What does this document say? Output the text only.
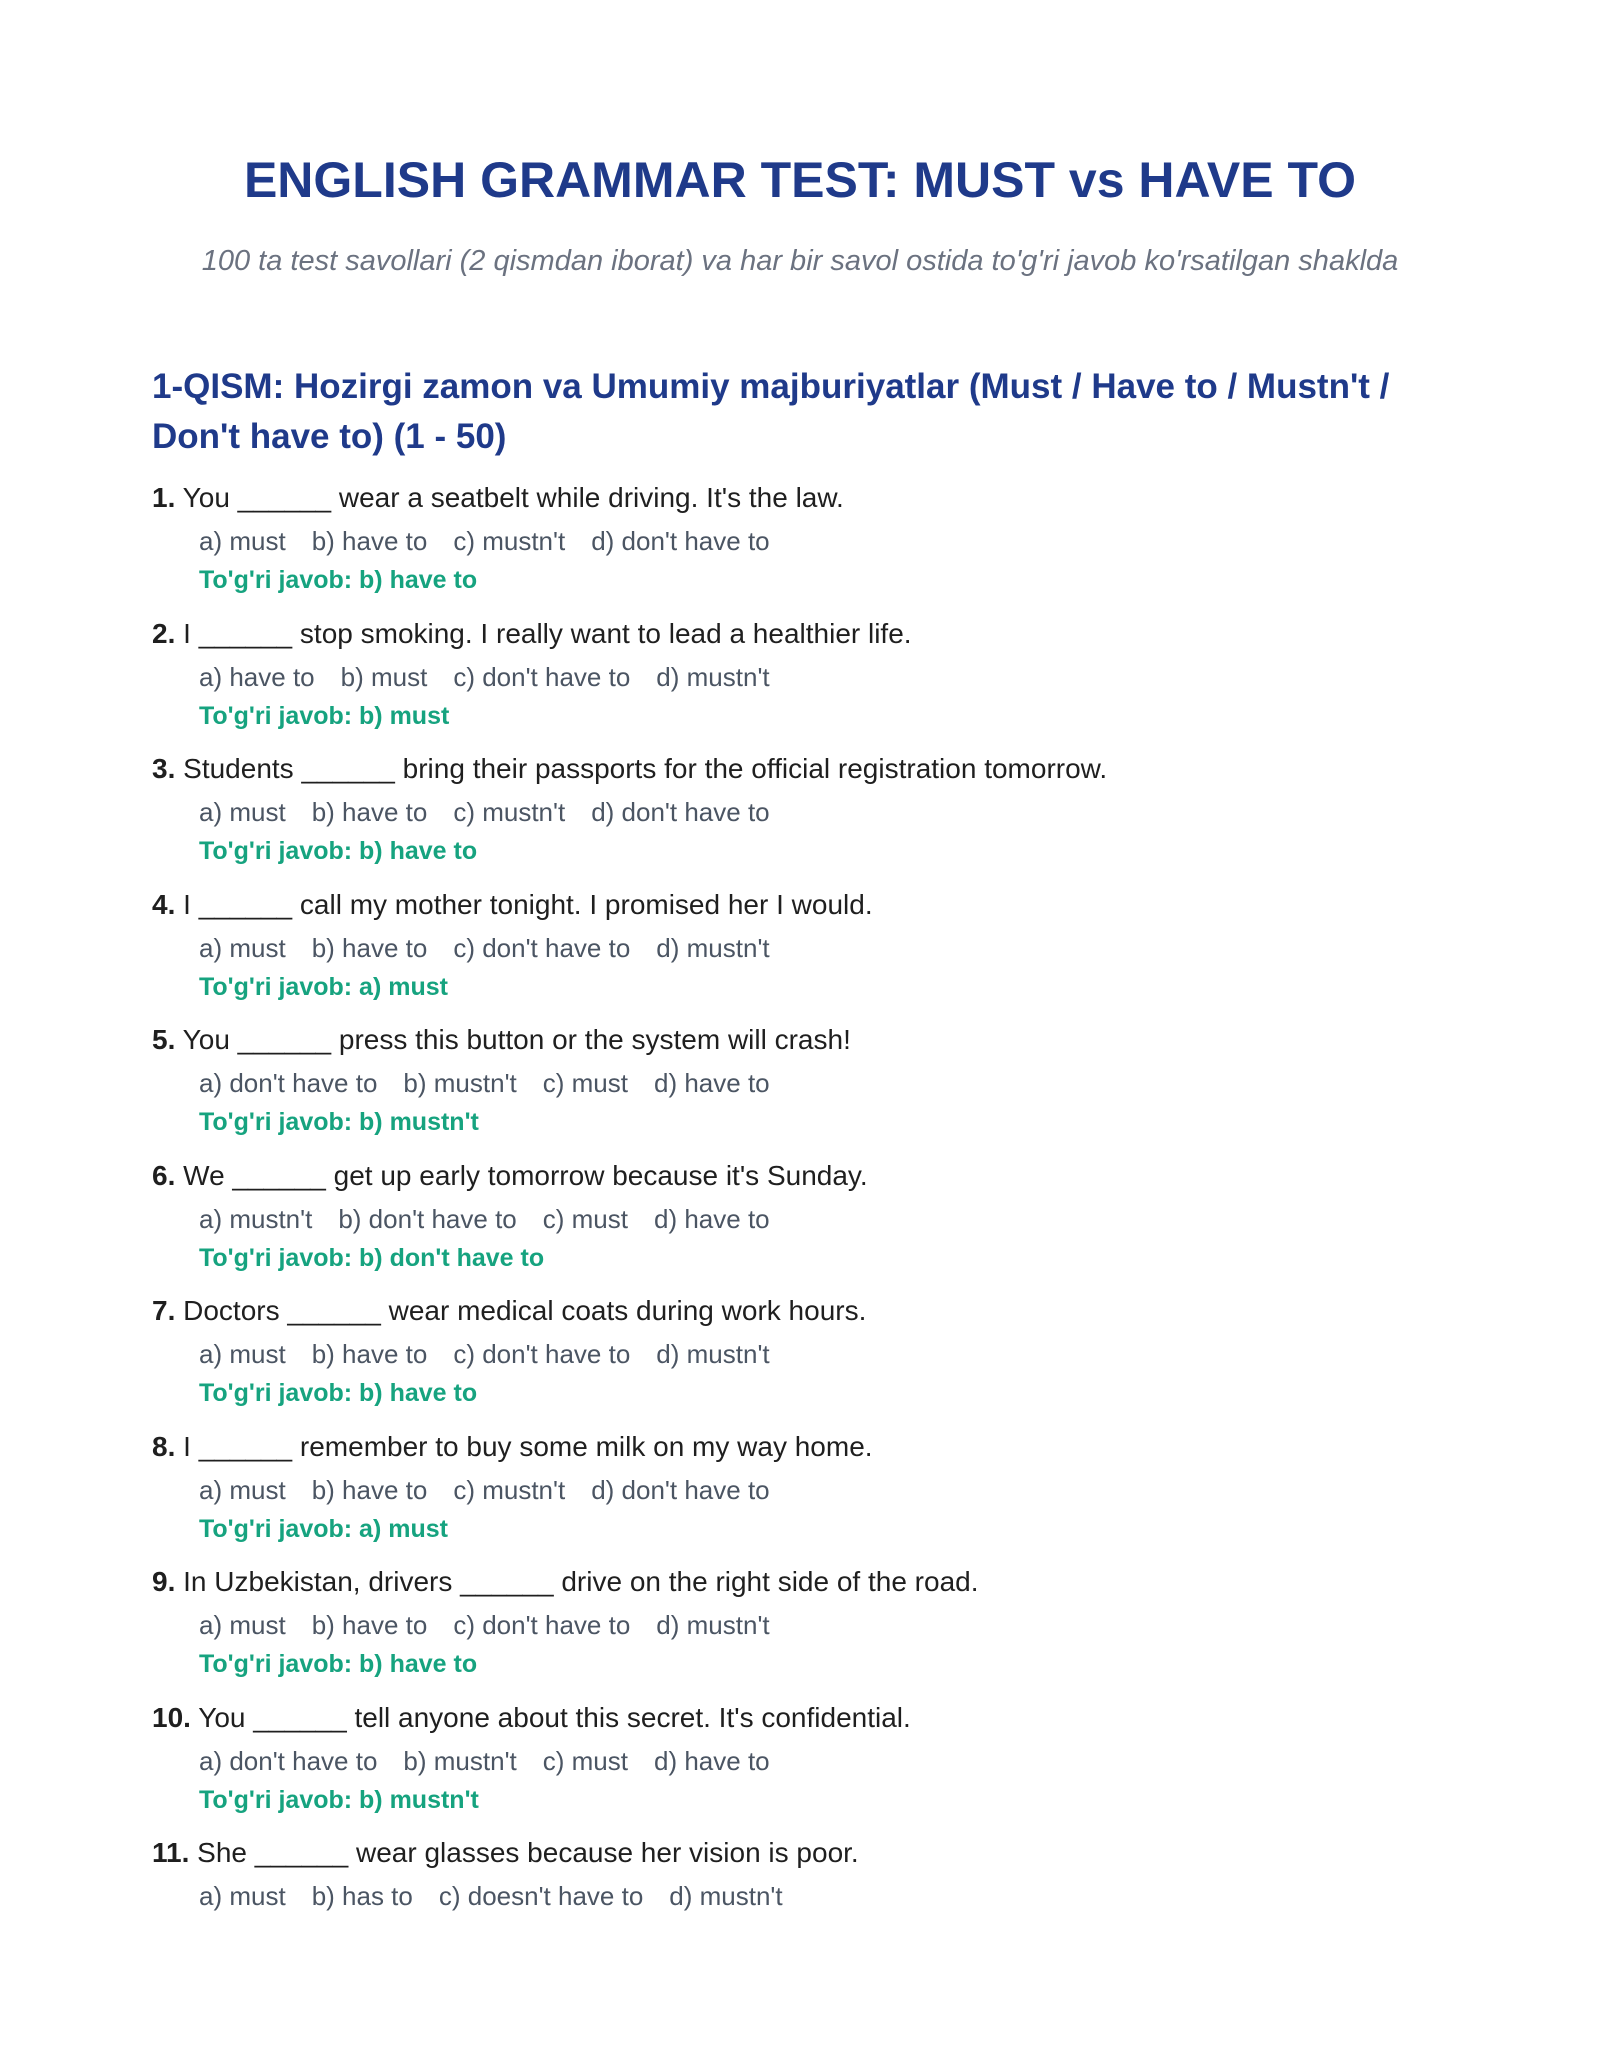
ENGLISH GRAMMAR TEST: MUST vs HAVE TO

100 ta test savollari (2 qismdan iborat) va har bir savol ostida to'g'ri javob ko'rsatilgan shaklda

1-QISM: Hozirgi zamon va Umumiy majburiyatlar (Must / Have to / Mustn't /
Don't have to) (1 - 50)
1. You ______ wear a seatbelt while driving. It's the law.
a) must b) have to c) mustn't d) don't have to
To'g'ri javob: b) have to
2. I ______ stop smoking. I really want to lead a healthier life.
a) have to b) must c) don't have to d) mustn't
To'g'ri javob: b) must
3. Students ______ bring their passports for the official registration tomorrow.
a) must b) have to c) mustn't d) don't have to
To'g'ri javob: b) have to
4. I ______ call my mother tonight. I promised her I would.
a) must b) have to c) don't have to d) mustn't
To'g'ri javob: a) must
5. You ______ press this button or the system will crash!
a) don't have to b) mustn't c) must d) have to
To'g'ri javob: b) mustn't
6. We ______ get up early tomorrow because it's Sunday.
a) mustn't b) don't have to c) must d) have to
To'g'ri javob: b) don't have to
7. Doctors ______ wear medical coats during work hours.
a) must b) have to c) don't have to d) mustn't
To'g'ri javob: b) have to
8. I ______ remember to buy some milk on my way home.
a) must b) have to c) mustn't d) don't have to
To'g'ri javob: a) must
9. In Uzbekistan, drivers ______ drive on the right side of the road.
a) must b) have to c) don't have to d) mustn't
To'g'ri javob: b) have to
10. You ______ tell anyone about this secret. It's confidential.
a) don't have to b) mustn't c) must d) have to
To'g'ri javob: b) mustn't
11. She ______ wear glasses because her vision is poor.
a) must b) has to c) doesn't have to d) mustn't
